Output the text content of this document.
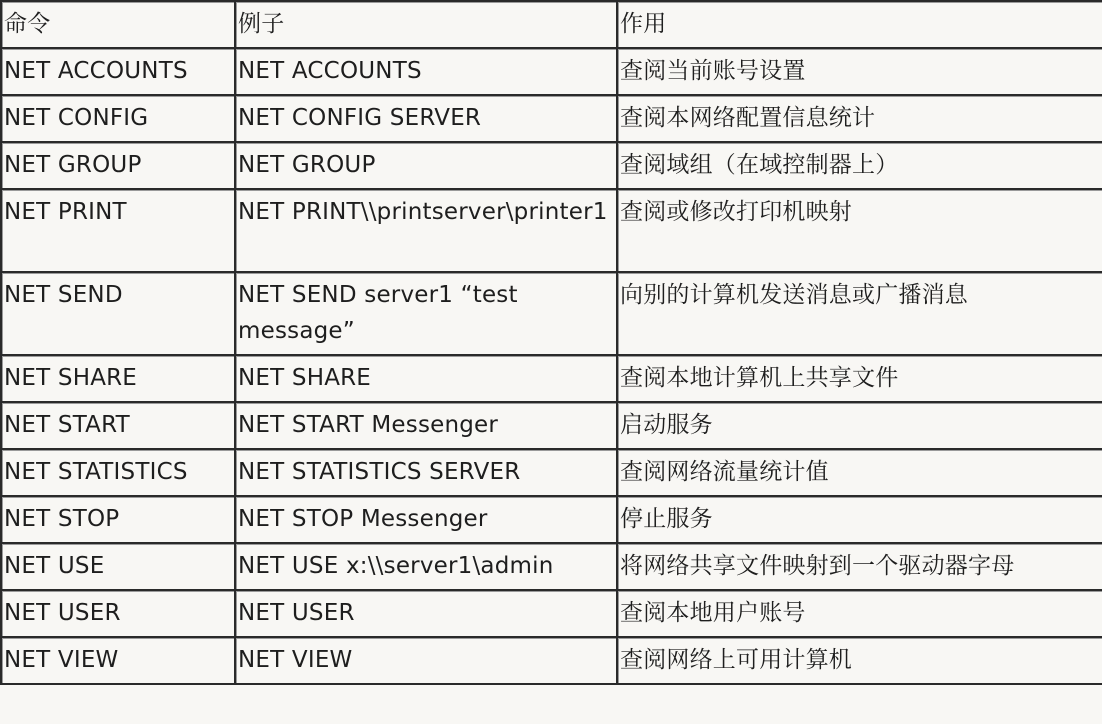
命令	例子	作用
NET ACCOUNTS	NET ACCOUNTS	查阅当前账号设置
NET CONFIG	NET CONFIG SERVER	查阅本网络配置信息统计
NET GROUP	NET GROUP	查阅域组（在域控制器上）
NET PRINT	NET PRINT\\printserver\printer1	查阅或修改打印机映射
NET SEND	NET SEND server1 “test message”	向别的计算机发送消息或广播消息
NET SHARE	NET SHARE	查阅本地计算机上共享文件
NET START	NET START Messenger	启动服务
NET STATISTICS	NET STATISTICS SERVER	查阅网络流量统计值
NET STOP	NET STOP Messenger	停止服务
NET USE	NET USE x:\\server1\admin	将网络共享文件映射到一个驱动器字母
NET USER	NET USER	查阅本地用户账号
NET VIEW	NET VIEW	查阅网络上可用计算机
